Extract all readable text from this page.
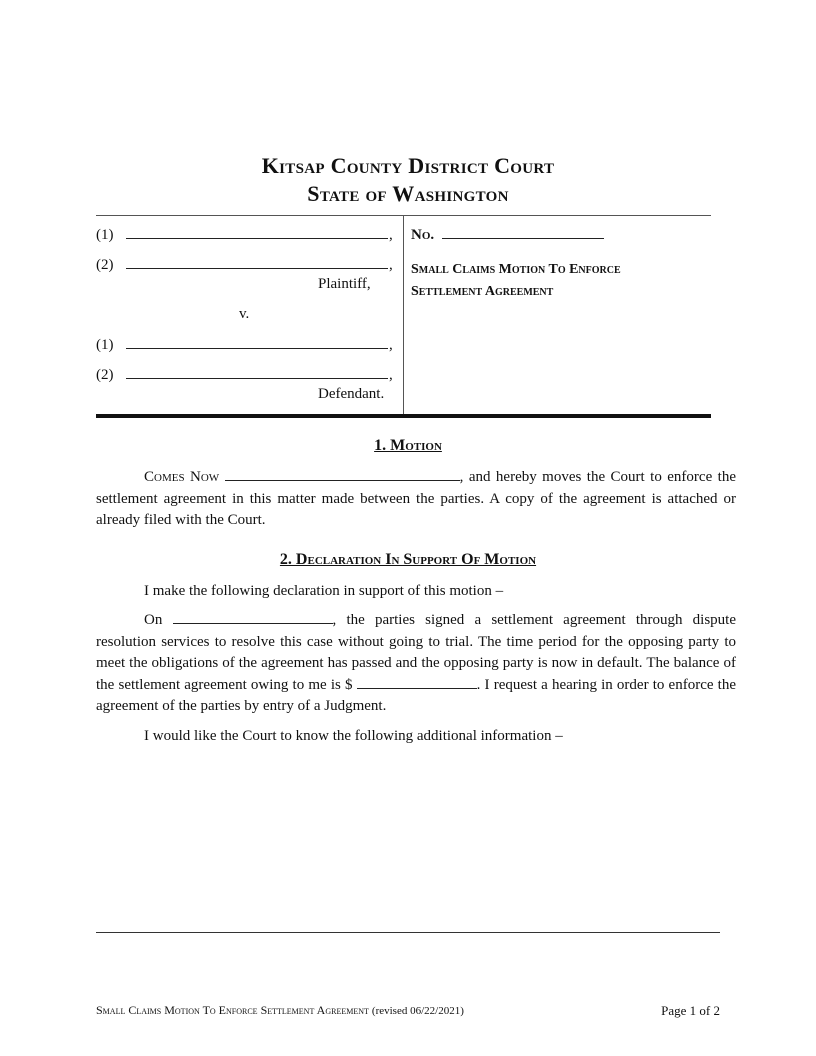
Kitsap County District Court
State of Washington
(1)	,
(2)	,
Plaintiff,
v.
(1)	,
(2)	,
Defendant.
No.
Small Claims Motion To Enforce
Settlement Agreement
1. Motion
Comes Now	, and hereby moves the Court to enforce the settlement agreement in this matter made between the parties. A copy of the agreement is attached or already filed with the Court.
2. Declaration In Support Of Motion
I make the following declaration in support of this motion –
On	, the parties signed a settlement agreement through dispute resolution services to resolve this case without going to trial. The time period for the opposing party to meet the obligations of the agreement has passed and the opposing party is now in default. The balance of the settlement agreement owing to me is $	. I request a hearing in order to enforce the agreement of the parties by entry of a Judgment.
I would like the Court to know the following additional information –
Small Claims Motion To Enforce Settlement Agreement (revised 06/22/2021)	Page 1 of 2
